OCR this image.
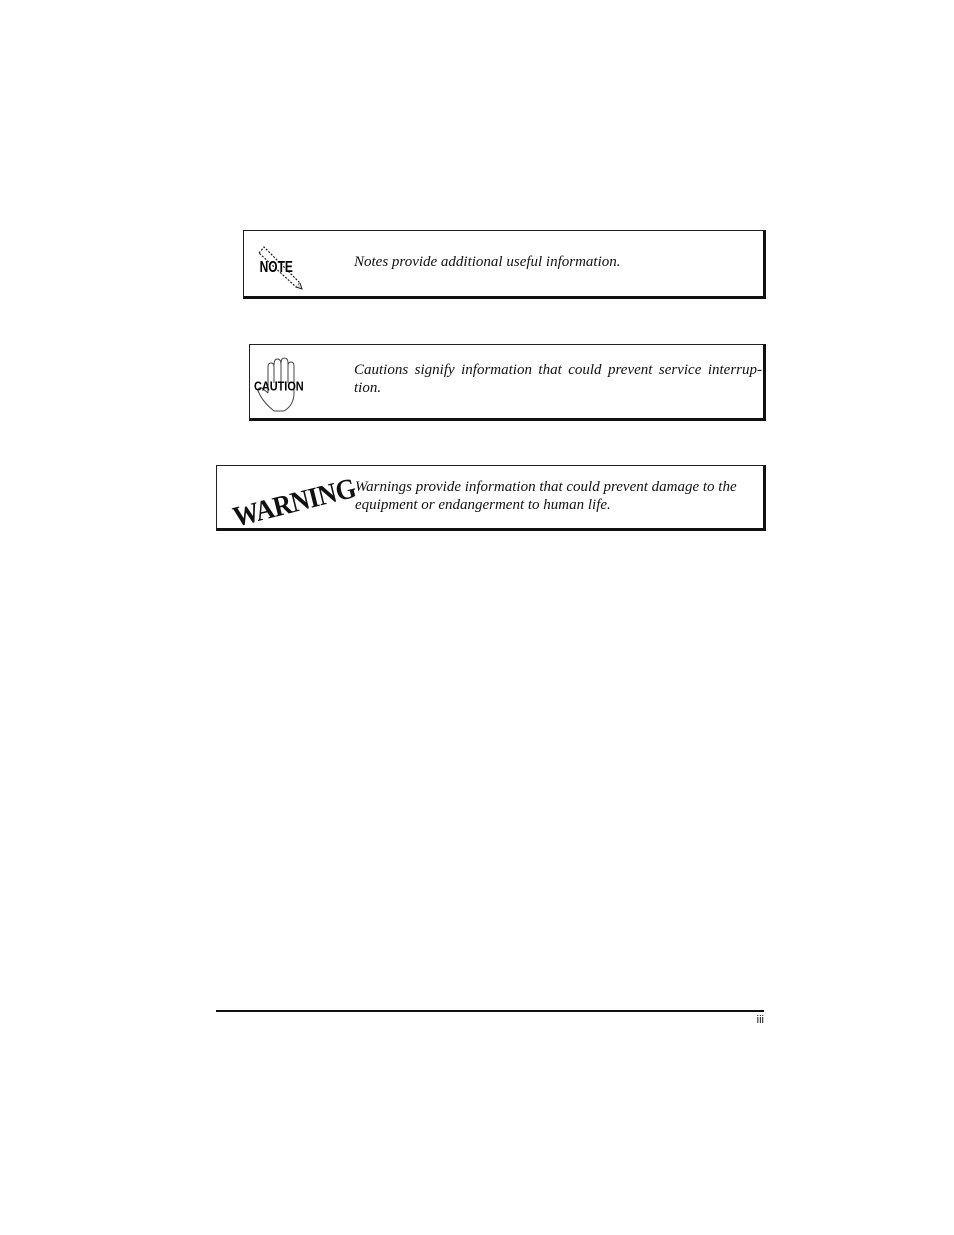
NOTE	Notes provide additional useful information.
CAUTION
Cautions signify information that could prevent service interrup-tion.
WARNING
Warnings provide information that could prevent damage to the equipment or endangerment to human life.
iii
